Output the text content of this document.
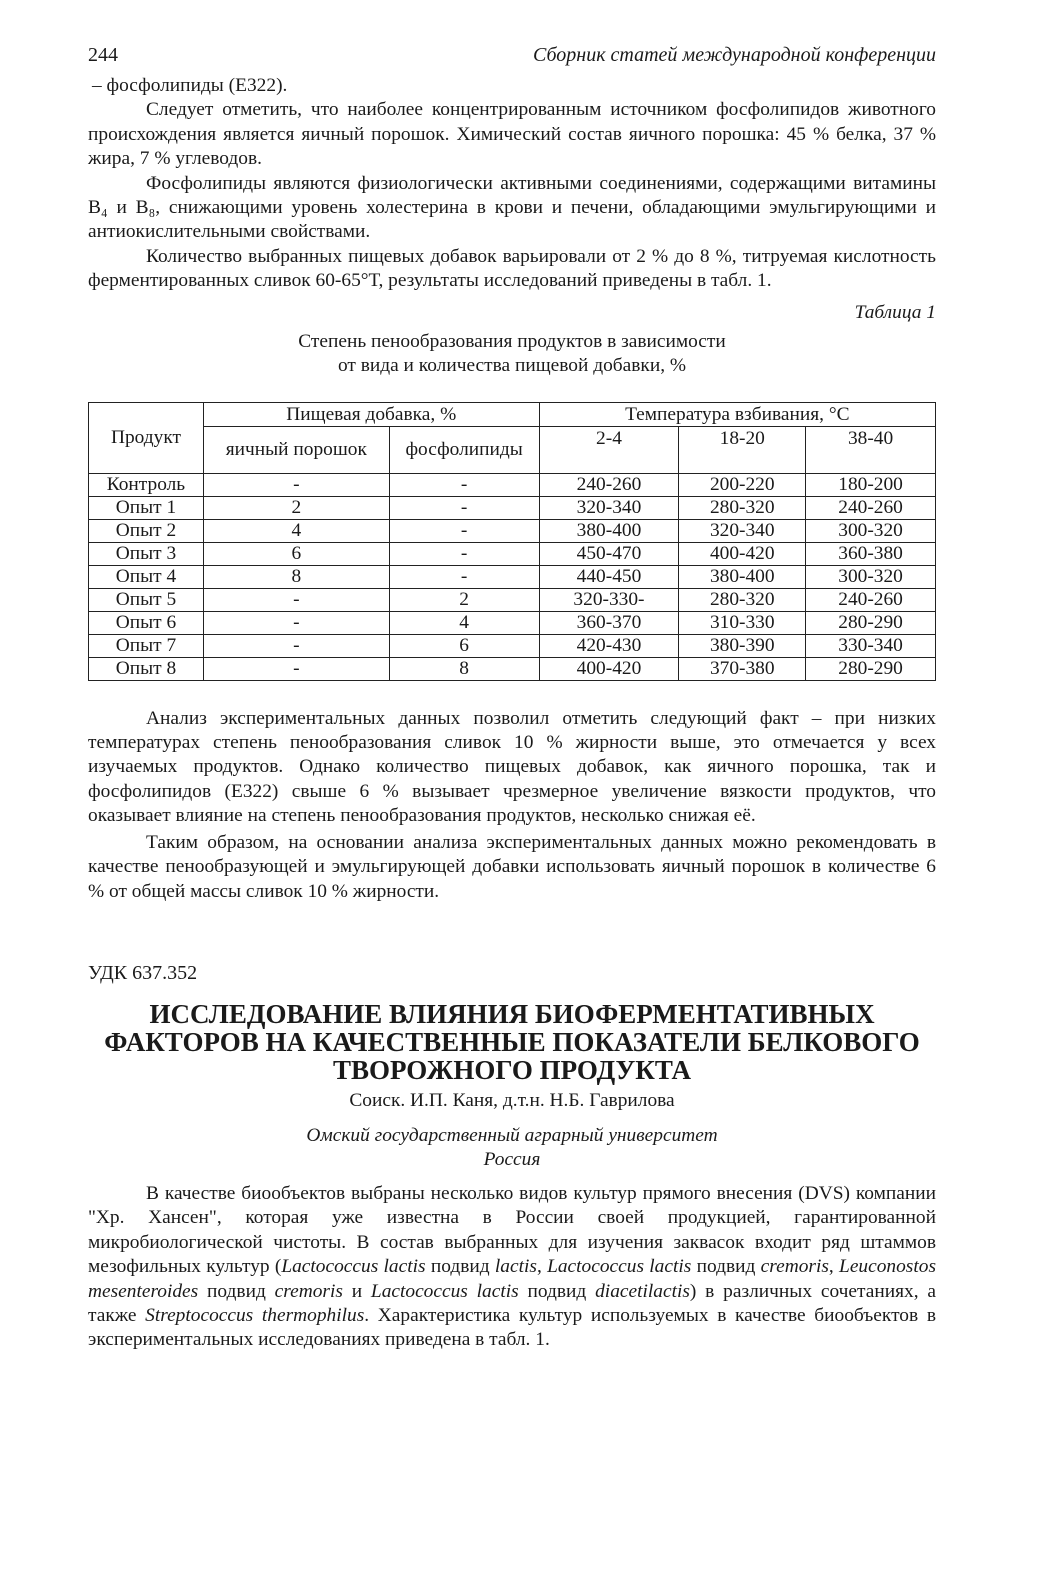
244	Сборник статей международной конференции

– фосфолипиды (E322).

Следует отметить, что наиболее концентрированным источником фосфолипидов животного происхождения является яичный порошок. Химический состав яичного порошка: 45 % белка, 37 % жира, 7 % углеводов.

Фосфолипиды являются физиологически активными соединениями, содержащими витамины B₄ и B₈, снижающими уровень холестерина в крови и печени, обладающими эмульгирующими и антиокислительными свойствами.

Количество выбранных пищевых добавок варьировали от 2 % до 8 %, титруемая кислотность ферментированных сливок 60-65°Т, результаты исследований приведены в табл. 1.

Таблица 1
Степень пенообразования продуктов в зависимости
от вида и количества пищевой добавки, %
Продукт	Пищевая добавка, %		Температура взбивания, °С		
	яичный порошок	фосфолипиды	2-4	18-20	38-40
Контроль	-	-	240-260	200-220	180-200
Опыт 1	2	-	320-340	280-320	240-260
Опыт 2	4	-	380-400	320-340	300-320
Опыт 3	6	-	450-470	400-420	360-380
Опыт 4	8	-	440-450	380-400	300-320
Опыт 5	-	2	320-330-	280-320	240-260
Опыт 6	-	4	360-370	310-330	280-290
Опыт 7	-	6	420-430	380-390	330-340
Опыт 8	-	8	400-420	370-380	280-290

Анализ экспериментальных данных позволил отметить следующий факт – при низких температурах степень пенообразования сливок 10 % жирности выше, это отмечается у всех изучаемых продуктов. Однако количество пищевых добавок, как яичного порошка, так и фосфолипидов (E322) свыше 6 % вызывает чрезмерное увеличение вязкости продуктов, что оказывает влияние на степень пенообразования продуктов, несколько снижая её.

Таким образом, на основании анализа экспериментальных данных можно рекомендовать в качестве пенообразующей и эмульгирующей добавки использовать яичный порошок в количестве 6 % от общей массы сливок 10 % жирности.

УДК 637.352
ИССЛЕДОВАНИЕ ВЛИЯНИЯ БИОФЕРМЕНТАТИВНЫХ
ФАКТОРОВ НА КАЧЕСТВЕННЫЕ ПОКАЗАТЕЛИ БЕЛКОВОГО
ТВОРОЖНОГО ПРОДУКТА
Соиск. И.П. Каня, д.т.н. Н.Б. Гаврилова
Омский государственный аграрный университет
Россия

В качестве биообъектов выбраны несколько видов культур прямого внесения (DVS) компании "Хр. Хансен", которая уже известна в России своей продукцией, гарантированной микробиологической чистоты. В состав выбранных для изучения заквасок входит ряд штаммов мезофильных культур (Lactococcus lactis подвид lactis, Lactococcus lactis подвид cremoris, Leuconostos mesenteroides подвид cremoris и Lactococcus lactis подвид diacetilactis) в различных сочетаниях, а также Streptococcus thermophilus. Характеристика культур используемых в качестве биообъектов в экспериментальных исследованиях приведена в табл. 1.
